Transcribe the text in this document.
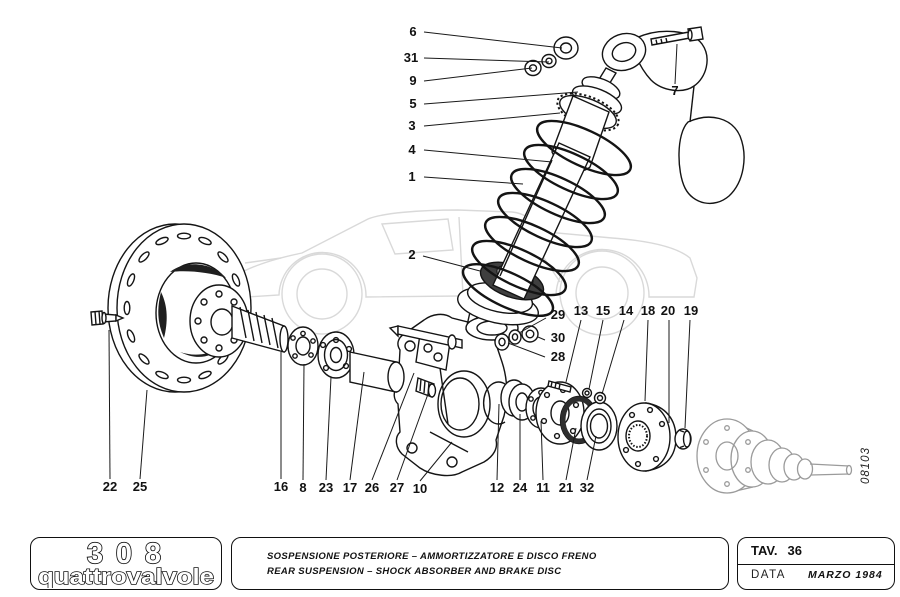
08103
6
31
9
5
3
4
1
7
2
29
30
28
13 15 14 18 20 19
22 25	16 8 23 17 26 27 10	12 24 11 21 32
308
quattrovalvole
SOSPENSIONE POSTERIORE – AMMORTIZZATORE E DISCO FRENO
REAR SUSPENSION – SHOCK ABSORBER AND BRAKE DISC
TAV. 36
DATA MARZO 1984
